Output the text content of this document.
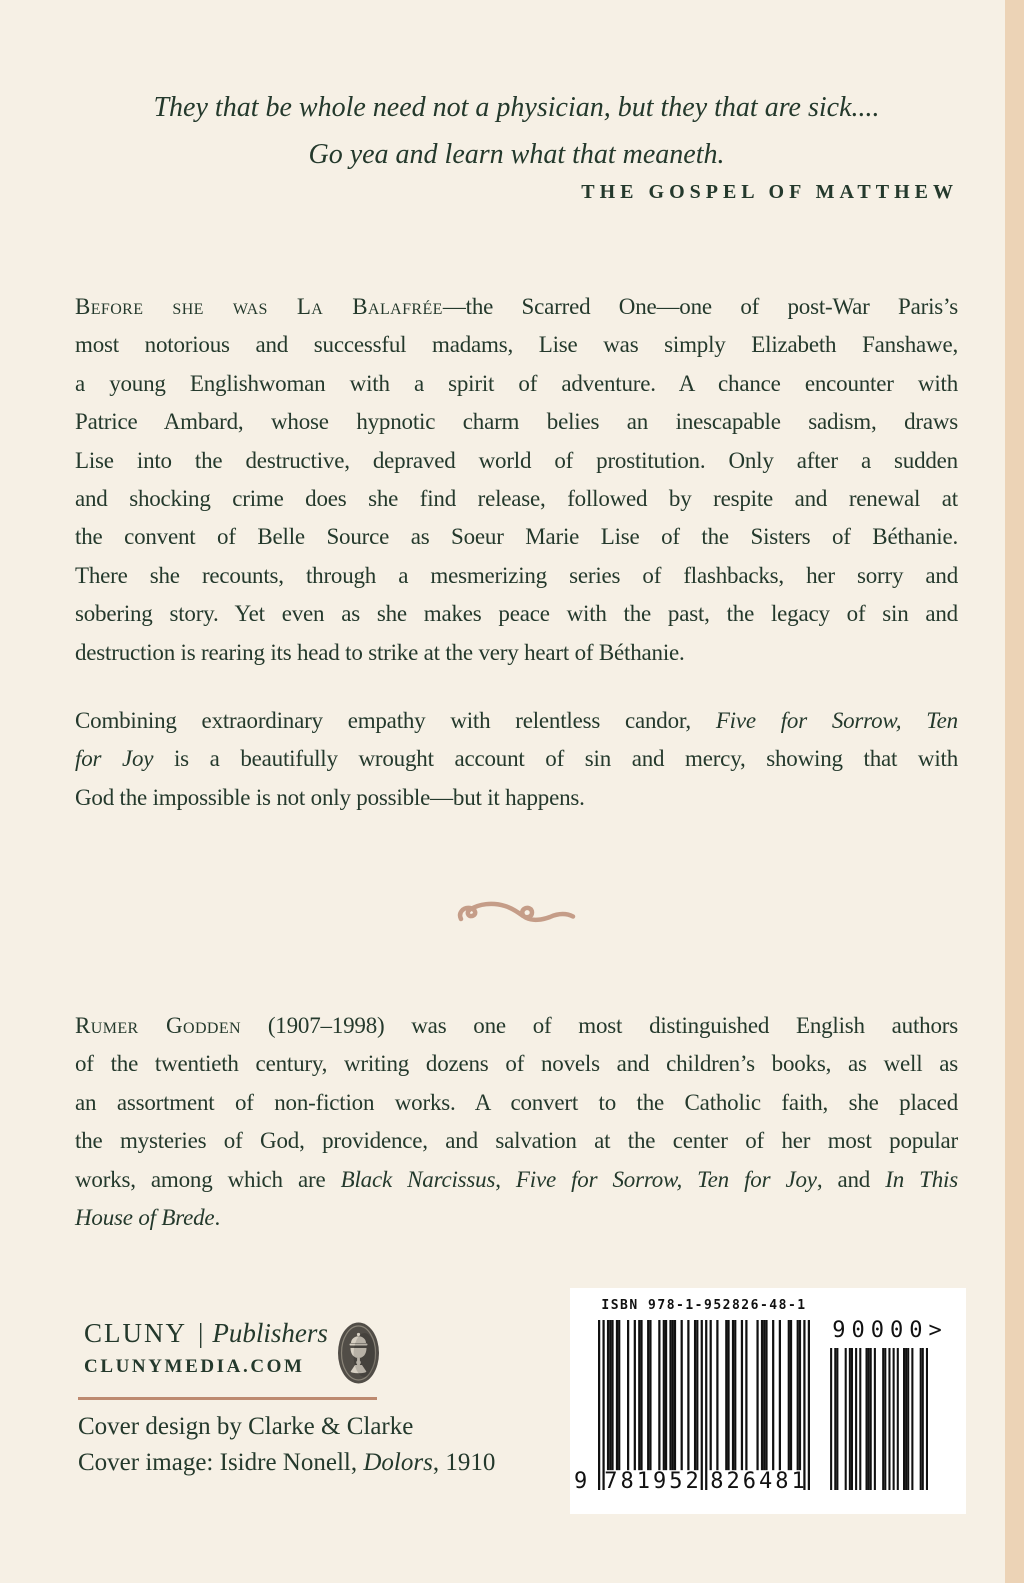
They that be whole need not a physician, but they that are sick....
Go yea and learn what that meaneth.
THE GOSPEL OF MATTHEW
Before she was La Balafrée—the Scarred One—one of post-War Paris’s
most notorious and successful madams, Lise was simply Elizabeth Fanshawe,
a young Englishwoman with a spirit of adventure. A chance encounter with
Patrice Ambard, whose hypnotic charm belies an inescapable sadism, draws
Lise into the destructive, depraved world of prostitution. Only after a sudden
and shocking crime does she find release, followed by respite and renewal at
the convent of Belle Source as Soeur Marie Lise of the Sisters of Béthanie.
There she recounts, through a mesmerizing series of flashbacks, her sorry and
sobering story. Yet even as she makes peace with the past, the legacy of sin and
destruction is rearing its head to strike at the very heart of Béthanie.
Combining extraordinary empathy with relentless candor, Five for Sorrow, Ten
for Joy is a beautifully wrought account of sin and mercy, showing that with
God the impossible is not only possible—but it happens.
Rumer Godden (1907–1998) was one of most distinguished English authors
of the twentieth century, writing dozens of novels and children’s books, as well as
an assortment of non-fiction works. A convert to the Catholic faith, she placed
the mysteries of God, providence, and salvation at the center of her most popular
works, among which are Black Narcissus, Five for Sorrow, Ten for Joy, and In This
House of Brede.
CLUNY | Publishers
CLUNYMEDIA.COM
Cover design by Clarke & Clarke
Cover image: Isidre Nonell, Dolors, 1910
ISBN 978-1-952826-48-1
9 781952 826481
90000>
